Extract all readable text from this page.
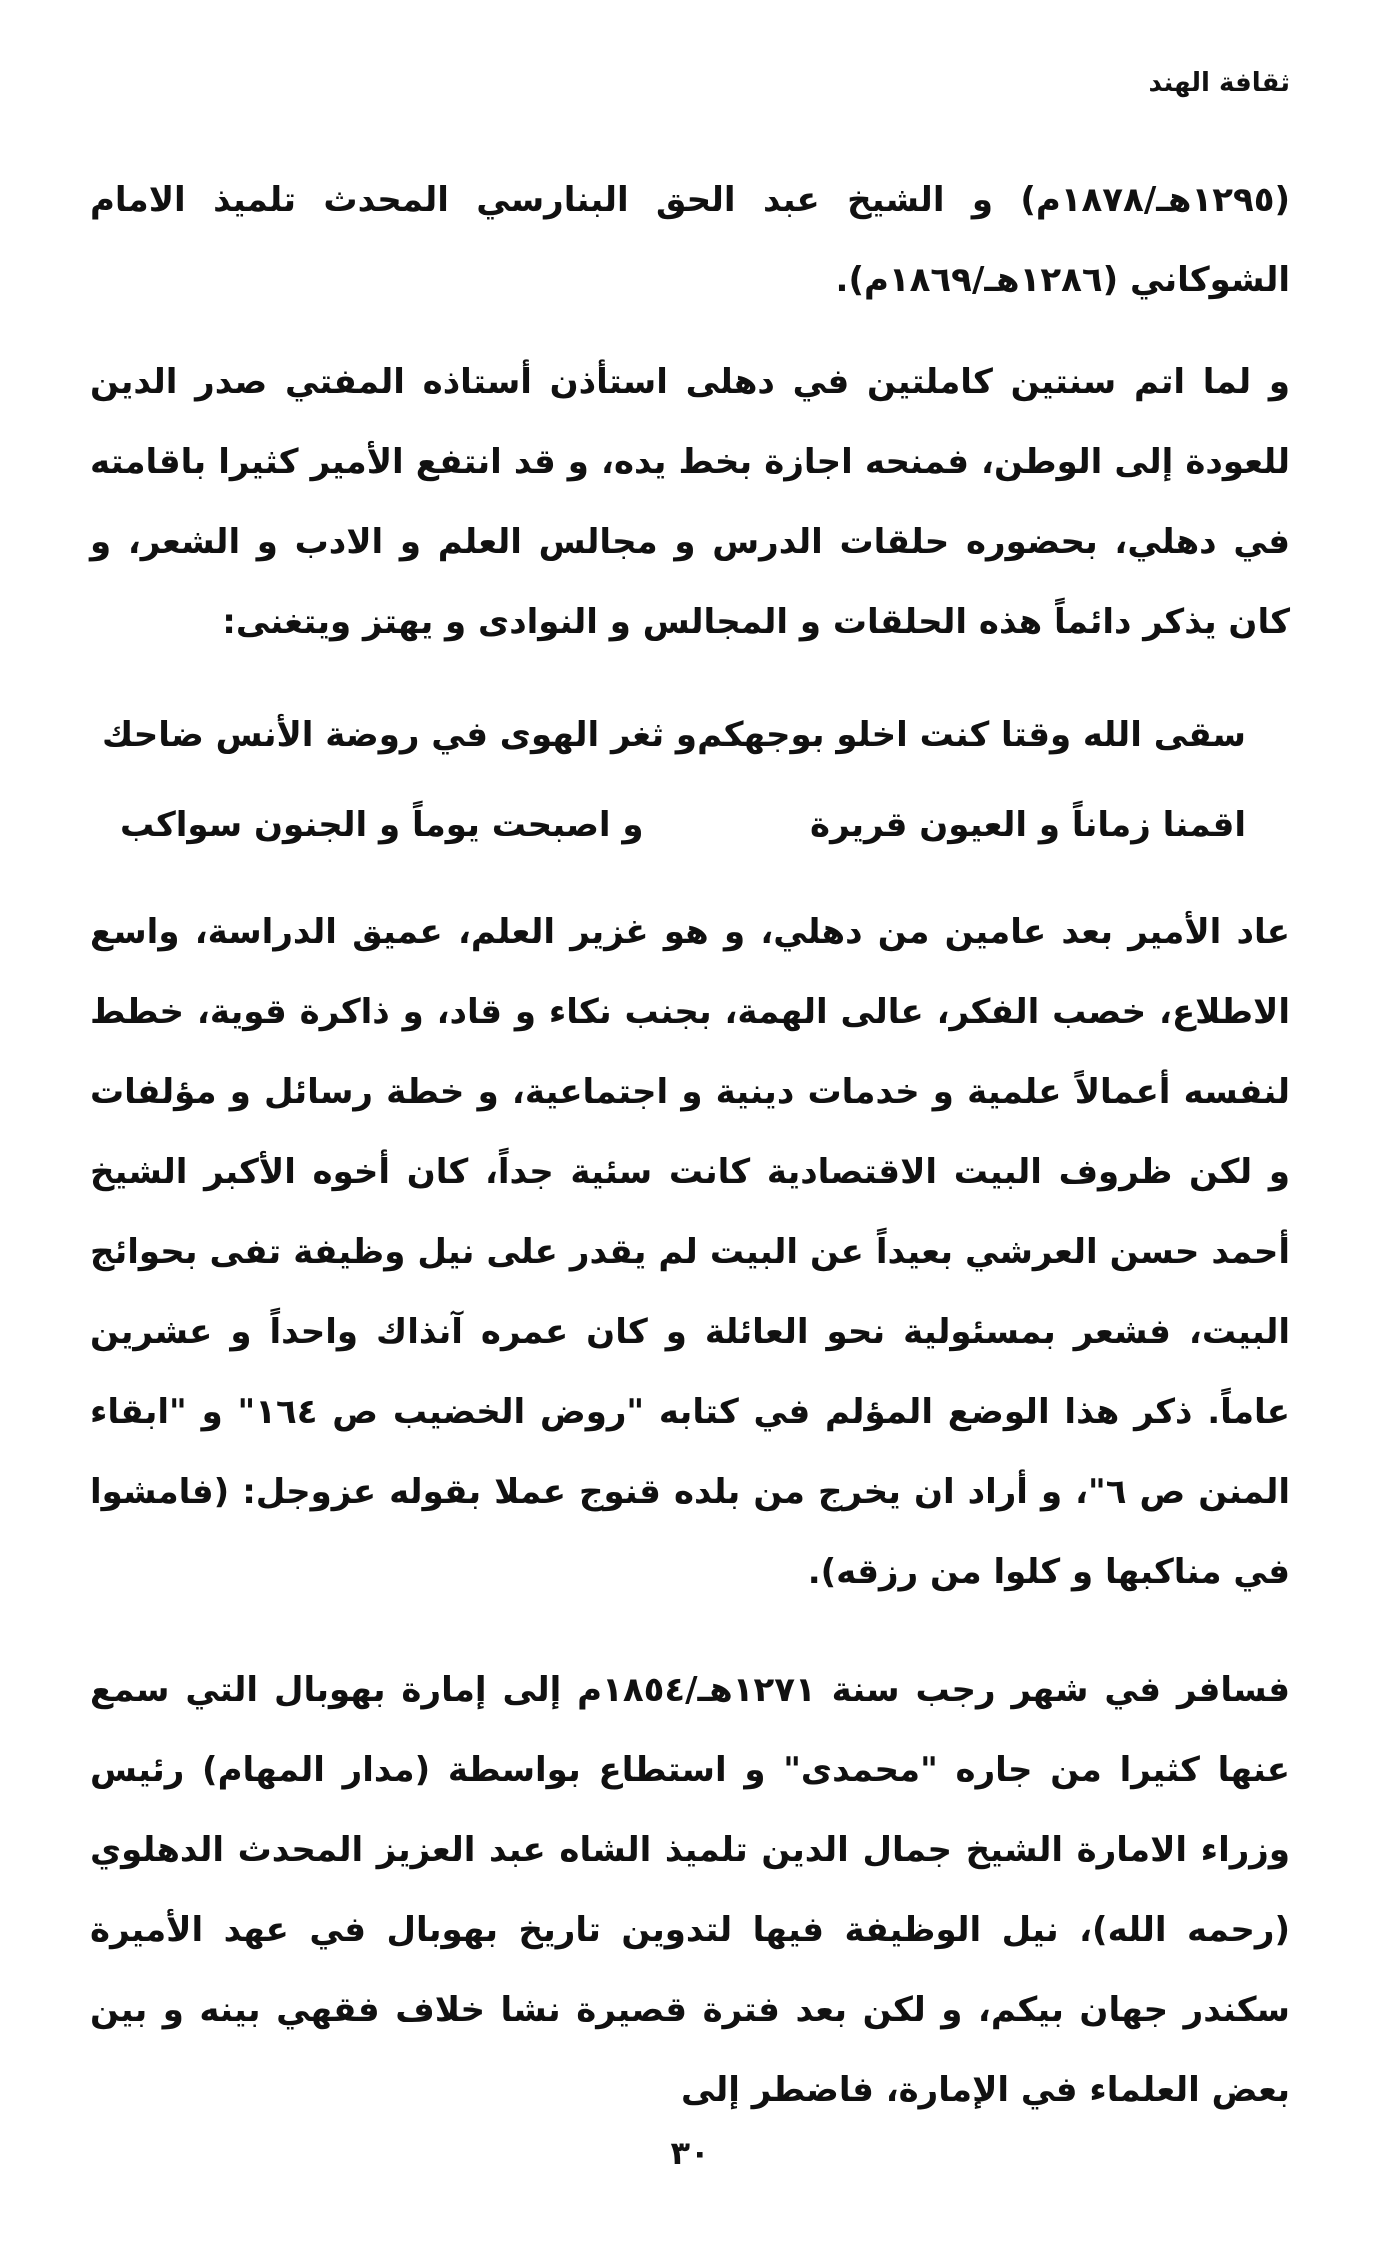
ثقافة الهند

(١٢٩٥هـ/١٨٧٨م) و الشيخ عبد الحق البنارسي المحدث تلميذ الامام الشوكاني (١٢٨٦هـ/١٨٦٩م).

و لما اتم سنتين كاملتين في دهلى استأذن أستاذه المفتي صدر الدين للعودة إلى الوطن، فمنحه اجازة بخط يده، و قد انتفع الأمير كثيرا باقامته في دهلي، بحضوره حلقات الدرس و مجالس العلم و الادب و الشعر، و كان يذكر دائماً هذه الحلقات و المجالس و النوادى و يهتز ويتغنى:

سقى الله وقتا كنت اخلو بوجهكم
و ثغر الهوى في روضة الأنس ضاحك
اقمنا زماناً و العيون قريرة
و اصبحت يوماً و الجنون سواكب

عاد الأمير بعد عامين من دهلي، و هو غزير العلم، عميق الدراسة، واسع الاطلاع، خصب الفكر، عالى الهمة، بجنب نكاء و قاد، و ذاكرة قوية، خطط لنفسه أعمالاً علمية و خدمات دينية و اجتماعية، و خطة رسائل و مؤلفات و لكن ظروف البيت الاقتصادية كانت سئية جداً، كان أخوه الأكبر الشيخ أحمد حسن العرشي بعيداً عن البيت لم يقدر على نيل وظيفة تفى بحوائج البيت، فشعر بمسئولية نحو العائلة و كان عمره آنذاك واحداً و عشرين عاماً. ذكر هذا الوضع المؤلم في كتابه "روض الخضيب ص ١٦٤" و "ابقاء المنن ص ٦"، و أراد ان يخرج من بلده قنوج عملا بقوله عزوجل: (فامشوا في مناكبها و كلوا من رزقه).

فسافر في شهر رجب سنة ١٢٧١هـ/١٨٥٤م إلى إمارة بهوبال التي سمع عنها كثيرا من جاره "محمدى" و استطاع بواسطة (مدار المهام) رئيس وزراء الامارة الشيخ جمال الدين تلميذ الشاه عبد العزيز المحدث الدهلوي (رحمه الله)، نيل الوظيفة فيها لتدوين تاريخ بهوبال في عهد الأميرة سكندر جهان بيكم، و لكن بعد فترة قصيرة نشا خلاف فقهي بينه و بين بعض العلماء في الإمارة، فاضطر إلى

٣٠
